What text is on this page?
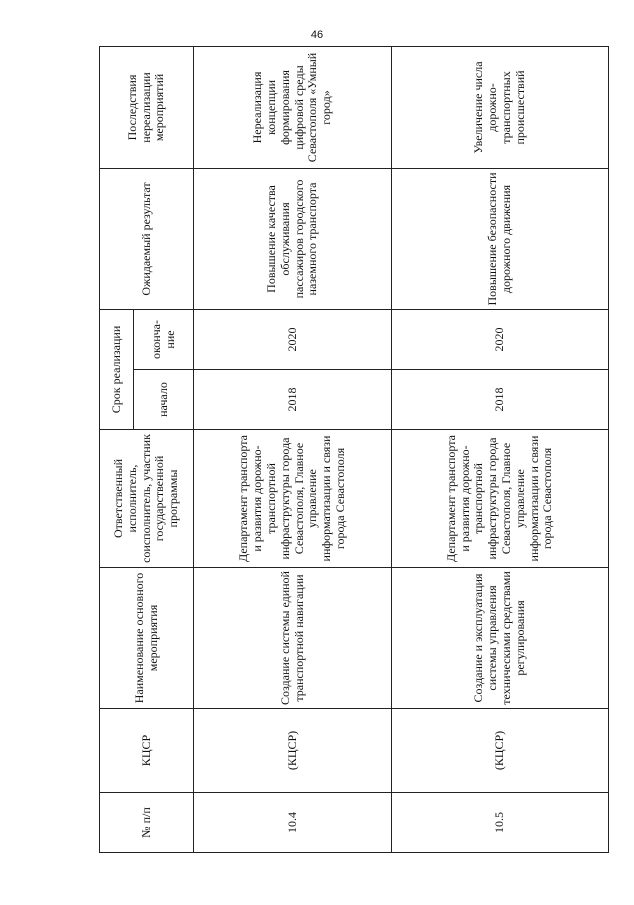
46
№ п/п	КЦСР	Наименование основного мероприятия	Ответственный исполнитель, соисполнитель, участник государственной программы	Срок реализации		Ожидаемый результат	Последствия нереализации мероприятий
				начало	оконча-ние		
10.4	(КЦСР)	Создание системы единой транспортной навигации	Департамент транспорта и развития дорожно-транспортной инфраструктуры города Севастополя, Главное управление информатизации и связи города Севастополя	2018	2020	Повышение качества обслуживания пассажиров городского наземного транспорта	Нереализация концепции формирования цифровой среды Севастополя «Умный город»
10.5	(КЦСР)	Создание и эксплуатация системы управления техническими средствами регулирования	Департамент транспорта и развития дорожно-транспортной инфраструктуры города Севастополя, Главное управление информатизации и связи города Севастополя	2018	2020	Повышение безопасности дорожного движения	Увеличение числа дорожно-транспортных происшествий
